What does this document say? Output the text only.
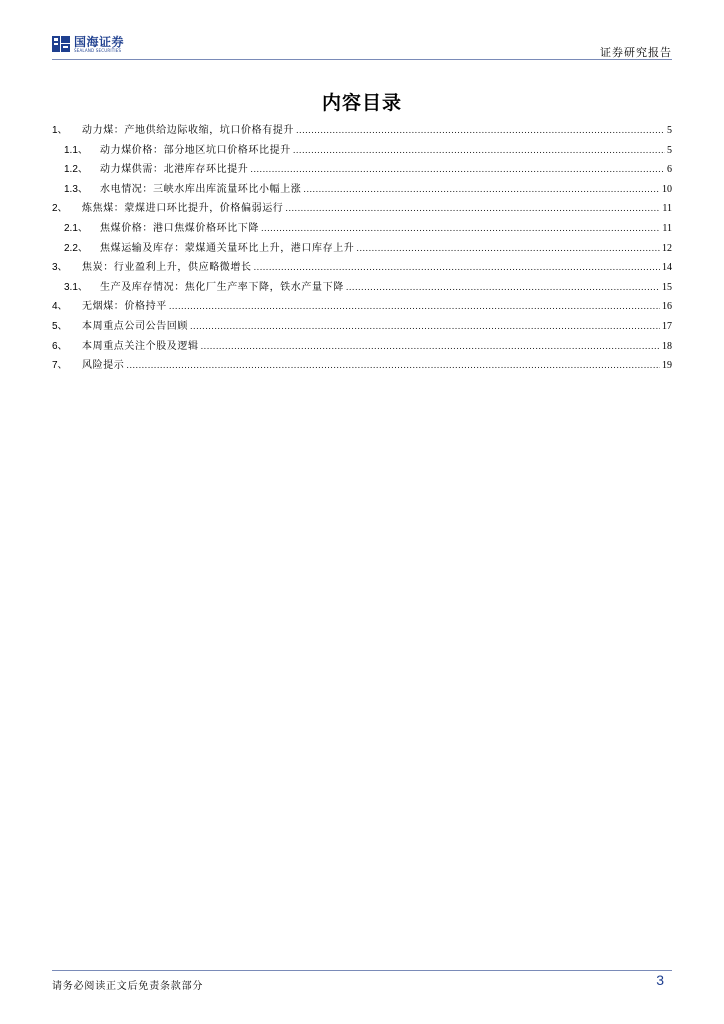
国海证券
SEALAND SECURITIES	证券研究报告
内容目录
1、	动力煤：产地供给边际收缩，坑口价格有提升 .....	5
1.1、	动力煤价格：部分地区坑口价格环比提升 .....	5
1.2、	动力煤供需：北港库存环比提升 .....	6
1.3、	水电情况：三峡水库出库流量环比小幅上涨 .....	10
2、	炼焦煤：蒙煤进口环比提升，价格偏弱运行 .....	11
2.1、	焦煤价格：港口焦煤价格环比下降 .....	11
2.2、	焦煤运输及库存：蒙煤通关量环比上升，港口库存上升 .....	12
3、	焦炭：行业盈利上升，供应略微增长 .....	14
3.1、	生产及库存情况：焦化厂生产率下降，铁水产量下降 .....	15
4、	无烟煤：价格持平 .....	16
5、	本周重点公司公告回顾 .....	17
6、	本周重点关注个股及逻辑 .....	18
7、	风险提示 .....	19
请务必阅读正文后免责条款部分	3
